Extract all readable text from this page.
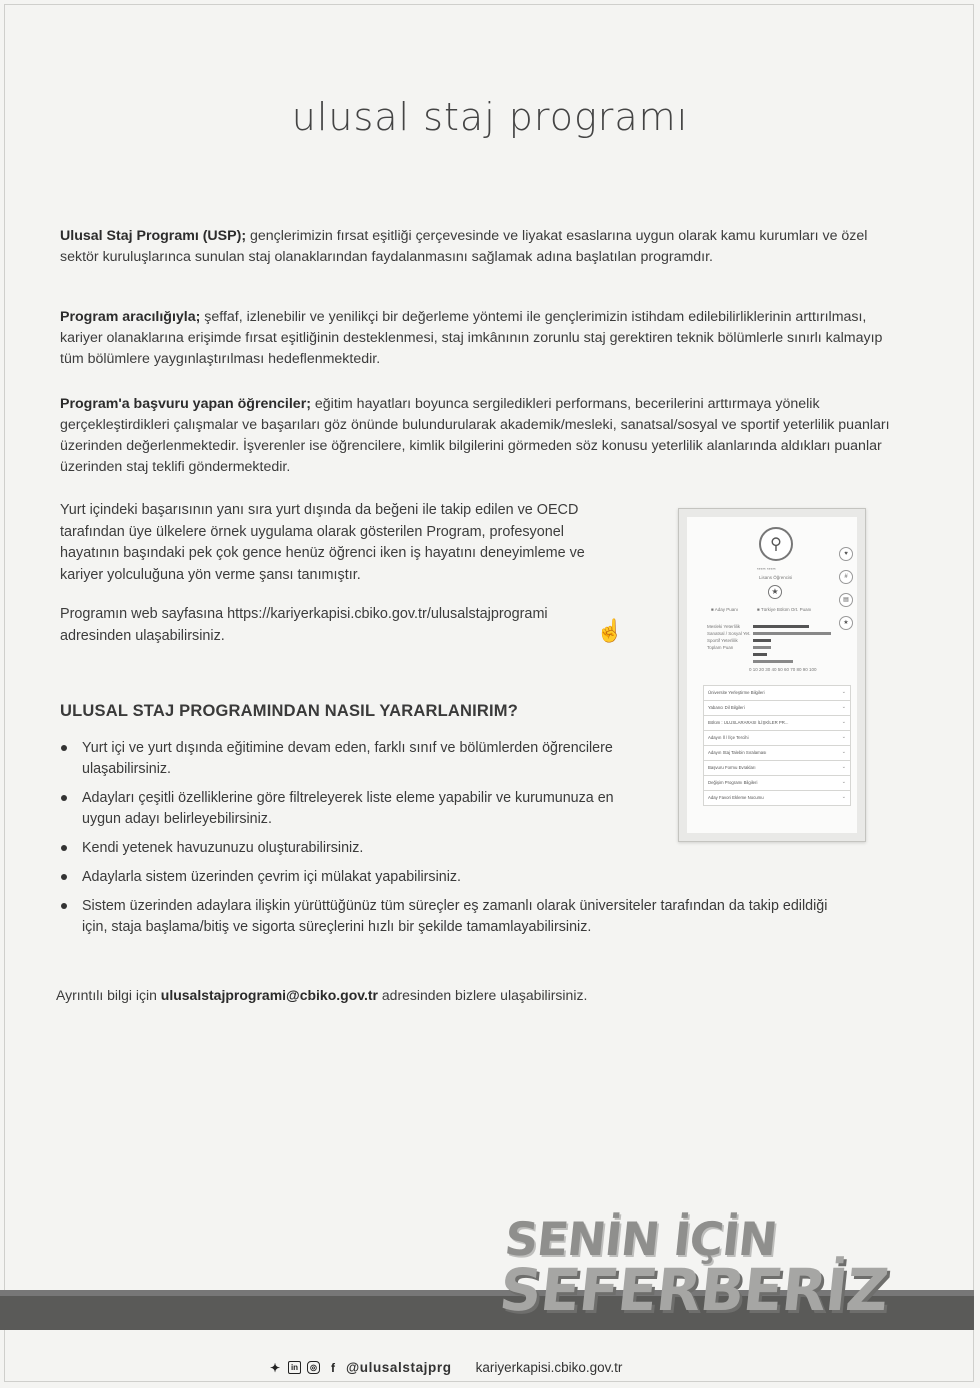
ulusal staj programı
Ulusal Staj Programı (USP); gençlerimizin fırsat eşitliği çerçevesinde ve liyakat esaslarına uygun olarak kamu kurumları ve özel sektör kuruluşlarınca sunulan staj olanaklarından faydalanmasını sağlamak adına başlatılan programdır.
Program aracılığıyla; şeffaf, izlenebilir ve yenilikçi bir değerleme yöntemi ile gençlerimizin istihdam edilebilirliklerinin arttırılması, kariyer olanaklarına erişimde fırsat eşitliğinin desteklenmesi, staj imkânının zorunlu staj gerektiren teknik bölümlerle sınırlı kalmayıp tüm bölümlere yaygınlaştırılması hedeflenmektedir.
Program'a başvuru yapan öğrenciler; eğitim hayatları boyunca sergiledikleri performans, becerilerini arttırmaya yönelik gerçekleştirdikleri çalışmalar ve başarıları göz önünde bulundurularak akademik/mesleki, sanatsal/sosyal ve sportif yeterlilik puanları üzerinden değerlenmektedir. İşverenler ise öğrencilere, kimlik bilgilerini görmeden söz konusu yeterlilik alanlarında aldıkları puanlar üzerinden staj teklifi göndermektedir.
Yurt içindeki başarısının yanı sıra yurt dışında da beğeni ile takip edilen ve OECD tarafından üye ülkelere örnek uygulama olarak gösterilen Program, profesyonel hayatının başındaki pek çok gence henüz öğrenci iken iş hayatını deneyimleme ve kariyer yolculuğuna yön verme şansı tanımıştır.
Programın web sayfasına https://kariyerkapisi.cbiko.gov.tr/ulusalstajprogrami adresinden ulaşabilirsiniz.	☝
⚲
***** *****
Lisans Öğrencisi
★
♥
#
▤
★
■ Aday Puanı	■ Türkiye Bölüm Ort. Puanı
Mesleki Yeterlilik
Sanatsal / Sosyal Yet.
Sportif Yeterlilik
Toplam Puan
0 10 20 30 40 50 60 70 80 90 100
Üniversite Yerleştirme Bilgileri ⌄
Yabancı Dil Bilgileri ⌄
Bölüm : ULUSLARARASI İLİŞKİLER PR... ⌄
Adayın İl / İlçe Tercihi ⌄
Adayın Staj Talebin Sıralaması ⌄
Başvuru Formu Evrakları ⌄
Değişim Programı Bilgileri ⌄
Aday Favori Ekleme Nocumu ⌄
ULUSAL STAJ PROGRAMINDAN NASIL YARARLANIRIM?
Yurt içi ve yurt dışında eğitimine devam eden, farklı sınıf ve bölümlerden öğrencilere ulaşabilirsiniz.
Adayları çeşitli özelliklerine göre filtreleyerek liste eleme yapabilir ve kurumunuza en uygun adayı belirleyebilirsiniz.
Kendi yetenek havuzunuzu oluşturabilirsiniz.
Adaylarla sistem üzerinden çevrim içi mülakat yapabilirsiniz.
Sistem üzerinden adaylara ilişkin yürüttüğünüz tüm süreçler eş zamanlı olarak üniversiteler tarafından da takip edildiği için, staja başlama/bitiş ve sigorta süreçlerini hızlı bir şekilde tamamlayabilirsiniz.
Ayrıntılı bilgi için ulusalstajprogrami@cbiko.gov.tr adresinden bizlere ulaşabilirsiniz.
SENİN İÇİN
SEFERBERİZ
✦	in	◎	f @ulusalstajprg kariyerkapisi.cbiko.gov.tr
